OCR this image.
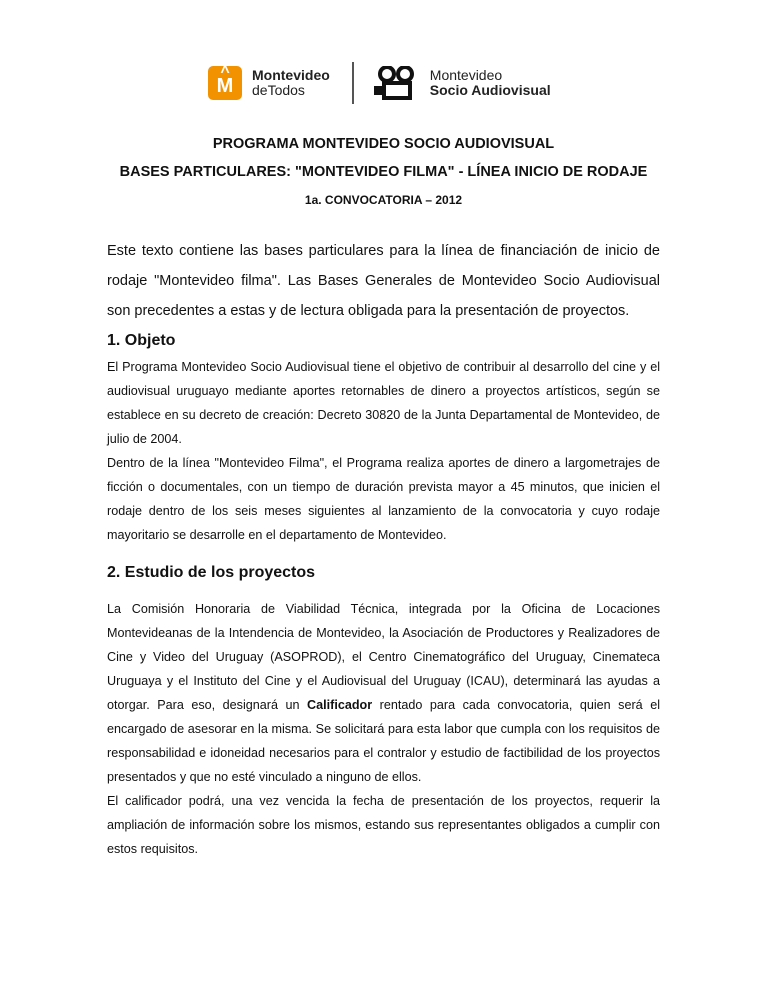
^ M Montevideo
deTodos
Montevideo
Socio Audiovisual
PROGRAMA MONTEVIDEO SOCIO AUDIOVISUAL
BASES PARTICULARES: "MONTEVIDEO FILMA" - LÍNEA INICIO DE RODAJE
1a. CONVOCATORIA – 2012

Este texto contiene las bases particulares para la línea de financiación de inicio de rodaje "Montevideo filma". Las Bases Generales de Montevideo Socio Audiovisual son precedentes a estas y de lectura obligada para la presentación de proyectos.

1. Objeto

El Programa Montevideo Socio Audiovisual tiene el objetivo de contribuir al desarrollo del cine y el audiovisual uruguayo mediante aportes retornables de dinero a proyectos artísticos, según se establece en su decreto de creación: Decreto 30820 de la Junta Departamental de Montevideo, de julio de 2004.

Dentro de la línea "Montevideo Filma", el Programa realiza aportes de dinero a largometrajes de ficción o documentales, con un tiempo de duración prevista mayor a 45 minutos, que inicien el rodaje dentro de los seis meses siguientes al lanzamiento de la convocatoria y cuyo rodaje mayoritario se desarrolle en el departamento de Montevideo.

2. Estudio de los proyectos

La Comisión Honoraria de Viabilidad Técnica, integrada por la Oficina de Locaciones Montevideanas de la Intendencia de Montevideo, la Asociación de Productores y Realizadores de Cine y Video del Uruguay (ASOPROD), el Centro Cinematográfico del Uruguay, Cinemateca Uruguaya y el Instituto del Cine y el Audiovisual del Uruguay (ICAU), determinará las ayudas a otorgar. Para eso, designará un Calificador rentado para cada convocatoria, quien será el encargado de asesorar en la misma. Se solicitará para esta labor que cumpla con los requisitos de responsabilidad e idoneidad necesarios para el contralor y estudio de factibilidad de los proyectos presentados y que no esté vinculado a ninguno de ellos.

El calificador podrá, una vez vencida la fecha de presentación de los proyectos, requerir la ampliación de información sobre los mismos, estando sus representantes obligados a cumplir con estos requisitos.
